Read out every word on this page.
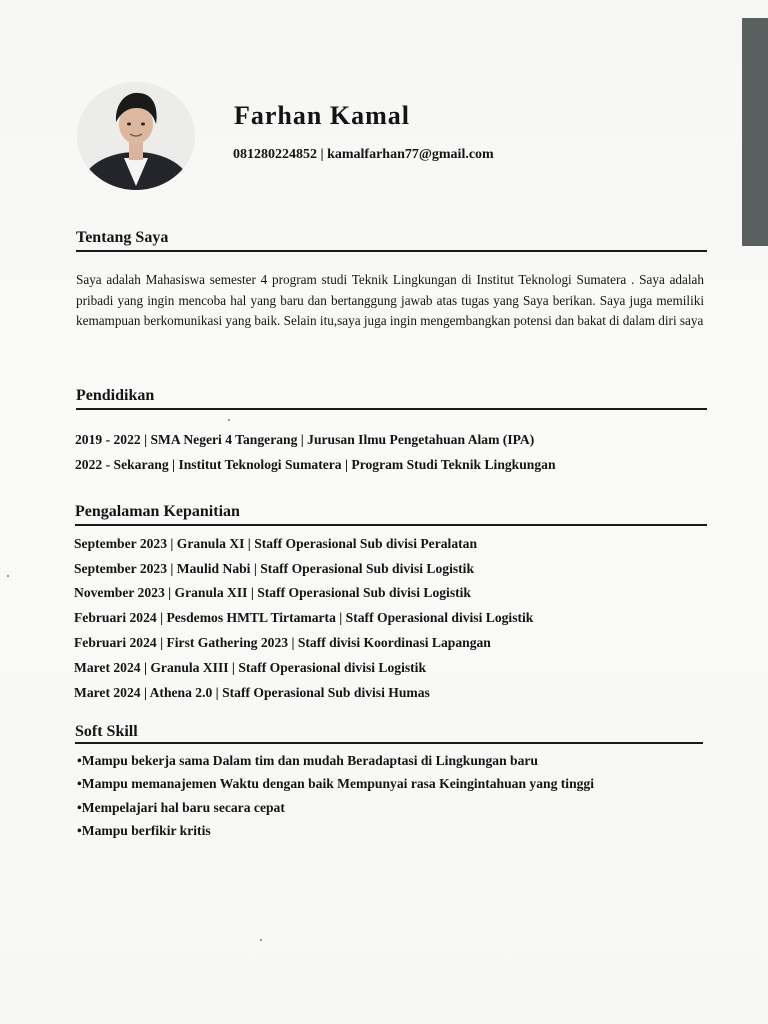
Farhan Kamal

081280224852 | kamalfarhan77@gmail.com

Tentang Saya

Saya adalah Mahasiswa semester 4 program studi Teknik Lingkungan di Institut Teknologi Sumatera . Saya adalah pribadi yang ingin mencoba hal yang baru dan bertanggung jawab atas tugas yang Saya berikan. Saya juga memiliki kemampuan berkomunikasi yang baik. Selain itu,saya juga ingin mengembangkan potensi dan bakat di dalam diri saya

Pendidikan

2019 - 2022 | SMA Negeri 4 Tangerang | Jurusan Ilmu Pengetahuan Alam (IPA)

2022 - Sekarang | Institut Teknologi Sumatera | Program Studi Teknik Lingkungan

Pengalaman Kepanitian

September 2023 | Granula XI | Staff Operasional Sub divisi Peralatan

September 2023 | Maulid Nabi | Staff Operasional Sub divisi Logistik

November 2023 | Granula XII | Staff Operasional Sub divisi Logistik

Februari 2024 | Pesdemos HMTL Tirtamarta | Staff Operasional divisi Logistik

Februari 2024 | First Gathering 2023 | Staff divisi Koordinasi Lapangan

Maret 2024 | Granula XIII | Staff Operasional divisi Logistik

Maret 2024 | Athena 2.0 | Staff Operasional Sub divisi Humas

Soft Skill

•Mampu bekerja sama Dalam tim dan mudah Beradaptasi di Lingkungan baru

•Mampu memanajemen Waktu dengan baik Mempunyai rasa Keingintahuan yang tinggi

•Mempelajari hal baru secara cepat

•Mampu berfikir kritis
